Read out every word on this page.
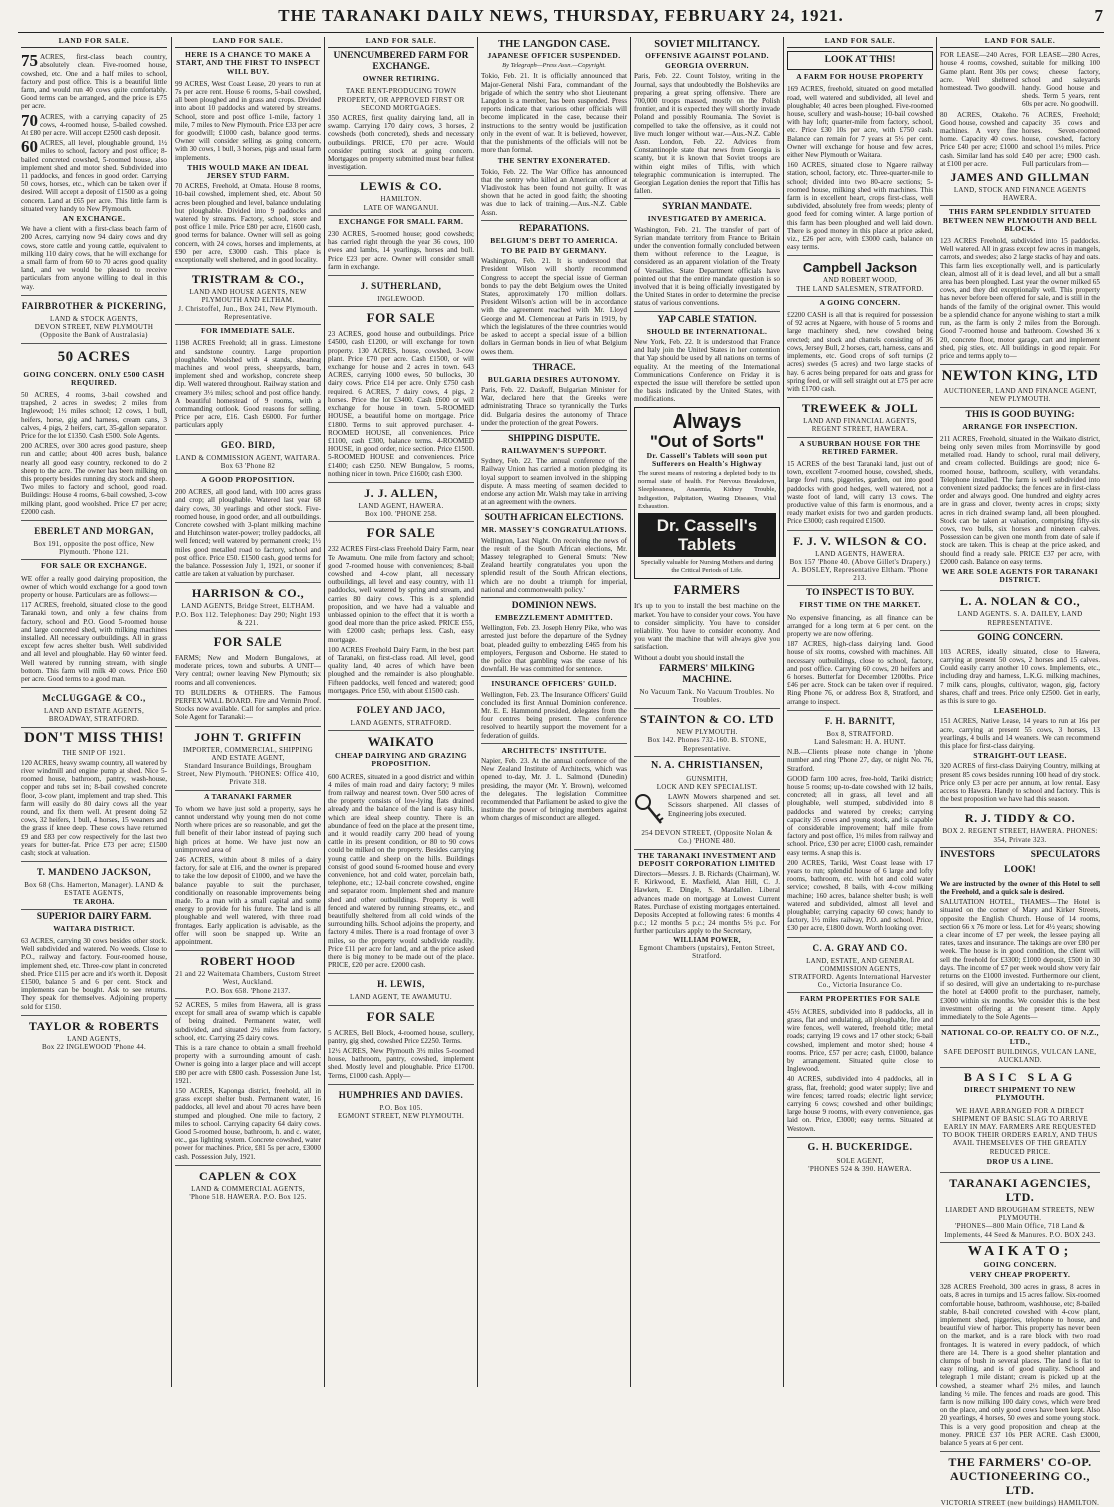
THE TARANAKI DAILY NEWS, THURSDAY, FEBRUARY 24, 1921.	7
LAND FOR SALE.

75 ACRES, first-class beach country, absolutely clean. Five-roomed house, cowshed, etc. One and a half miles to school, factory and post office. This is a beautiful little farm, and would run 40 cows quite comfortably. Good terms can be arranged, and the price is £75 per acre.

70 ACRES, with a carrying capacity of 25 cows, 4-roomed house, 5-bailed cowshed. At £80 per acre. Will accept £2500 cash deposit.

60 ACRES, all level, ploughable ground, 1½ miles to school, factory and post office; 8-bailed concreted cowshed, 5-roomed house, also implement shed and motor shed. Subdivided into 11 paddocks, and fences in good order. Carrying 50 cows, horses, etc., which can be taken over if desired. Will accept a deposit of £1500 as a going concern. Land at £65 per acre. This little farm is situated very handy to New Plymouth.

AN EXCHANGE.

We have a client with a first-class beach farm of 200 Acres, carrying now 94 dairy cows and dry cows, store cattle and young cattle, equivalent to milking 110 dairy cows, that he will exchange for a small farm of from 60 to 70 acres good quality land, and we would be pleased to receive particulars from anyone willing to deal in this way.

FAIRBROTHER & PICKERING,
LAND & STOCK AGENTS,
DEVON STREET, NEW PLYMOUTH
(Opposite the Bank of Australasia)
50 ACRES
GOING CONCERN. ONLY £500 CASH REQUIRED.

50 ACRES, 4 rooms, 3-bail cowshed and trapshed, 2 acres in swedes; 2 miles from Inglewood; 1½ miles school; 12 cows, 1 bull, heifers, horse, gig and harness, cream cans, 3 calves, 4 pigs, 2 heifers, cart, 35-gallon separator. Price for the lot £1350. Cash £500. Sole Agents.

200 ACRES, over 300 acres good pasture, sheep run and cattle; about 400 acres bush, balance nearly all good easy country, reckoned to do 2 sheep to the acre. The owner has been milking on this property besides running dry stock and sheep. Two miles to factory and school, good road. Buildings: House 4 rooms, 6-bail cowshed, 3-cow milking plant, good woolshed. Price £7 per acre; £2000 cash.

EBERLET AND MORGAN,
Box 191, opposite the post office, New Plymouth. 'Phone 121.
FOR SALE OR EXCHANGE.

WE offer a really good dairying proposition, the owner of which would exchange for a good town property or house. Particulars are as follows:—

117 ACRES, freehold, situated close to the good Taranaki town, and only a few chains from factory, school and P.O. Good 5-roomed house and large concreted shed, with milking machines installed. All necessary outbuildings. All in grass except few acres shelter bush. Well subdivided and all level and ploughable. Hay 60 winter feed. Well watered by running stream, with single bottom. This farm will milk 40 cows. Price £60 per acre. Good terms to a good man.

McCLUGGAGE & CO.,
LAND AND ESTATE AGENTS,
BROADWAY, STRATFORD.
DON'T MISS THIS!
THE SNIP OF 1921.

120 ACRES, heavy swamp country, all watered by river windmill and engine pump at shed. Nice 5-roomed house, bathroom, pantry, wash-house, copper and tubs set in; 8-bail cowshed concrete floor, 3-cow plant, implement and trap shed. This farm will easily do 80 dairy cows all the year round, and fix them well. At present doing 52 cows, 32 heifers, 1 bull, 4 horses, 15 weaners and the grass if knee deep. These cows have returned £9 and £83 per cow respectively for the last two years for butter-fat. Price £73 per acre; £1500 cash; stock at valuation.

T. MANDENO JACKSON,
Box 68 (Chs. Hamerton, Manager). LAND & ESTATE AGENTS,
TE AROHA.
SUPERIOR DAIRY FARM.
WAITARA DISTRICT.

63 ACRES, carrying 30 cows besides other stock. Well subdivided and watered. No weeds. Close to P.O., railway and factory. Four-roomed house, implement shed, etc. Three-cow plant in concreted shed. Price £115 per acre and it's worth it. Deposit £1500, balance 5 and 6 per cent. Stock and implements can be bought. Ask to see returns. They speak for themselves. Adjoining property sold for £150.

TAYLOR & ROBERTS
LAND AGENTS,
Box 22 INGLEWOOD 'Phone 44.
LAND FOR SALE.
HERE IS A CHANCE TO MAKE A START, AND THE FIRST TO INSPECT WILL BUY.

99 ACRES, West Coast Lease, 20 years to run at 7s per acre rent. House 6 rooms, 5-bail cowshed, all been ploughed and in grass and crops. Divided into about 10 paddocks and watered by streams. School, store and post office 1-mile, factory 1 mile, 7 miles to New Plymouth. Price £33 per acre for goodwill; £1000 cash, balance good terms. Owner will consider selling as going concern, with 30 cows, 1 bull, 3 horses, pigs and usual farm implements.

THIS WOULD MAKE AN IDEAL JERSEY STUD FARM.

70 ACRES, Freehold, at Omata. House 8 rooms, 10-bail cowshed, implement shed, etc. About 50 acres been ploughed and level, balance undulating but ploughable. Divided into 9 paddocks and watered by streams. Factory, school, store and post office 1 mile. Price £80 per acre, £1600 cash, good terms for balance. Owner will sell as going concern, with 24 cows, horses and implements, at £90 per acre, £3000 cash. This place is exceptionally well sheltered, and in good locality.

TRISTRAM & CO.,
LAND AND HOUSE AGENTS, NEW PLYMOUTH AND ELTHAM.
J. Christoffel, Jun., Box 241, New Plymouth. Representative.
FOR IMMEDIATE SALE.

1198 ACRES Freehold; all in grass. Limestone and sandstone country. Large proportion ploughable. Woolshed with 4 stands, shearing machines and wool press, sheepyards, barn, implement shed and workshop, concrete sheep dip. Well watered throughout. Railway station and creamery 3½ miles; school and post office handy. A beautiful homestead of 9 rooms, with a commanding outlook. Good reasons for selling. Price per acre, £16. Cash £6000. For further particulars apply

GEO. BIRD,
LAND & COMMISSION AGENT, WAITARA.
Box 63 'Phone 82
A GOOD PROPOSITION.

200 ACRES, all good land, with 100 acres grass and crop; all ploughable. Watered last year 68 dairy cows, 30 yearlings and other stock. Five-roomed house, in good order, and all outbuildings. Concrete cowshed with 3-plant milking machine and Hutchinson water-power; trolley paddocks, all well fenced; well watered by permanent creek; 1½ miles good metalled road to factory, school and post office. Price £50. £1500 cash, good terms for the balance. Possession July 1, 1921, or sooner if cattle are taken at valuation by purchaser.

HARRISON & CO.,
LAND AGENTS, Bridge Street, ELTHAM.
P.O. Box 112. Telephones: Day 290; Night 193 & 221.
FOR SALE

FARMS; New and Modern Bungalows, at moderate prices, town and suburbs. A UNIT—Very central; owner leaving New Plymouth; six rooms and all conveniences.

TO BUILDERS & OTHERS. The Famous PERFEX WALL BOARD. Fire and Vermin Proof. Stocks now available. Call for samples and price. Sole Agent for Taranaki:—

JOHN T. GRIFFIN
IMPORTER, COMMERCIAL, SHIPPING AND ESTATE AGENT,
Standard Insurance Buildings, Brougham Street, New Plymouth. 'PHONES: Office 410, Private 318.
A TARANAKI FARMER

To whom we have just sold a property, says he cannot understand why young men do not come North where prices are so reasonable, and get the full benefit of their labor instead of paying such high prices at home. We have just now an unimproved area of

246 ACRES, within about 8 miles of a dairy factory, for sale at £16, and the owner is prepared to take the low deposit of £1000, and we have the balance payable to suit the purchaser, conditionally on reasonable improvements being made. To a man with a small capital and some energy to provide for his future. The land is all ploughable and well watered, with three road frontages. Early application is advisable, as the offer will soon be snapped up. Write an appointment.

ROBERT HOOD
21 and 22 Waitemata Chambers, Custom Street West, Auckland.
P.O. Box 658. 'Phone 2137.

52 ACRES, 5 miles from Hawera, all is grass except for small area of swamp which is capable of being drained. Permanent water, well subdivided, and situated 2½ miles from factory, school, etc. Carrying 25 dairy cows.

This is a rare chance to obtain a small freehold property with a surrounding amount of cash. Owner is going into a larger place and will accept £80 per acre with £800 cash. Possession June 1st, 1921.

150 ACRES, Kaponga district, freehold, all in grass except shelter bush. Permanent water, 16 paddocks, all level and about 70 acres have been stumped and ploughed. One mile to factory, 2 miles to school. Carrying capacity 64 dairy cows. Good 5-roomed house, bathroom, h. and c. water, etc., gas lighting system. Concrete cowshed, water power for machines. Price, £81 5s per acre, £3000 cash. Possession July, 1921.

CAPLEN & COX
LAND & COMMERCIAL AGENTS,
'Phone 518. HAWERA. P.O. Box 125.
LAND FOR SALE.
UNENCUMBERED FARM FOR EXCHANGE.
OWNER RETIRING.

TAKE RENT-PRODUCING TOWN PROPERTY, OR APPROVED FIRST OR SECOND MORTGAGES.

350 ACRES, first quality dairying land, all in swamp. Carrying 170 dairy cows, 3 horses, 2 cowsheds (both concreted), sheds and necessary outbuildings. PRICE, £70 per acre. Would consider putting stock at going concern. Mortgages on property submitted must bear fullest investigation.

LEWIS & CO.
HAMILTON.
LATE OF WANGANUI.
EXCHANGE FOR SMALL FARM.

230 ACRES, 5-roomed house; good cowsheds; has carried right through the year 36 cows, 100 ewes and lambs, 14 yearlings, horses and bull. Price £23 per acre. Owner will consider small farm in exchange.

J. SUTHERLAND,
INGLEWOOD.
FOR SALE

23 ACRES, good house and outbuildings. Price £4500, cash £1200, or will exchange for town property. 130 ACRES, house, cowshed, 3-cow plant. Price £70 per acre. Cash £1500, or will exchange for house and 2 acres in town. 643 ACRES, carrying 1000 ewes, 50 bullocks, 30 dairy cows. Price £14 per acre. Only £750 cash required. 6 ACRES, 7 dairy cows, 4 pigs, 2 horses. Price the lot £3400. Cash £600 or will exchange for house in town. 5-ROOMED HOUSE, a beautiful home on mortgage. Price £1800. Terms to suit approved purchaser. 4-ROOMED HOUSE, all conveniences. Price £1100, cash £300, balance terms. 4-ROOMED HOUSE, in good order, nice section. Price £1500. 5-ROOMED HOUSE and conveniences. Price £1400; cash £250. NEW Bungalow, 5 rooms, nothing nicer in town. Price £1600; cash £300.

J. J. ALLEN,
LAND AGENT, HAWERA.
Box 100. 'PHONE 258.
FOR SALE

232 ACRES First-class Freehold Dairy Farm, near Te Awamutu. One mile from factory and school; good 7-roomed house with conveniences; 8-bail cowshed and 4-cow plant, all necessary outbuildings, all level and easy country, with 11 paddocks, well watered by spring and stream, and carries 80 dairy cows. This is a splendid proposition, and we have had a valuable and unbiassed opinion to the effect that it is worth a good deal more than the price asked. PRICE £55, with £2000 cash; perhaps less. Cash, easy mortgage.

100 ACRES Freehold Dairy Farm, in the best part of Taranaki, on first-class road. All level, good quality land, 40 acres of which have been ploughed and the remainder is also ploughable. Fifteen paddocks, well fenced and watered; good mortgages. Price £50, with about £1500 cash.

FOLEY AND JACO,
LAND AGENTS, STRATFORD.
WAIKATO
CHEAP DAIRYING AND GRAZING PROPOSITION.

600 ACRES, situated in a good district and within 4 miles of main road and dairy factory; 9 miles from railway and nearest town. Over 500 acres of the property consists of low-lying flats drained already and the balance of the land is easy hills, which are ideal sheep country. There is an abundance of feed on the place at the present time, and it would readily carry 200 head of young cattle in its present condition, or 80 to 90 cows could be milked on the property. Besides carrying young cattle and sheep on the hills. Buildings consist of good sound 6-roomed house and every convenience, hot and cold water, porcelain bath, telephone, etc.; 12-bail concrete cowshed, engine and separator room. Implement shed and manure shed and other outbuildings. Property is well fenced and watered by running streams, etc., and beautifully sheltered from all cold winds of the surrounding hills. School adjoins the property, and factory 4 miles. There is a road frontage of over 3 miles, so the property would subdivide readily. Price £11 per acre for land, and at the price asked there is big money to be made out of the place. PRICE, £20 per acre. £2000 cash.

H. LEWIS,
LAND AGENT, TE AWAMUTU.
FOR SALE

5 ACRES, Bell Block, 4-roomed house, scullery, pantry, gig shed, cowshed Price £2250. Terms.

12½ ACRES, New Plymouth 3½ miles 5-roomed house, bathroom, pantry, cowshed, implement shed. Mostly level and ploughable. Price £1700. Terms, £1000 cash. Apply—

HUMPHRIES AND DAVIES.
P.O. Box 105.
EGMONT STREET, NEW PLYMOUTH.
THE LANGDON CASE.
JAPANESE OFFICER SUSPENDED.
By Telegraph—Press Assn.—Copyright.

Tokio, Feb. 21. It is officially announced that Major-General Nishi Fara, commandant of the brigade of which the sentry who shot Lieutenant Langdon is a member, has been suspended. Press reports indicate that various other officials will become implicated in the case, because their instructions to the sentry would be justification only in the event of war. It is believed, however, that the punishments of the officials will not be more than formal.

THE SENTRY EXONERATED.

Tokio, Feb. 22. The War Office has announced that the sentry who killed an American officer at Vladivostok has been found not guilty. It was shown that he acted in good faith; the shooting was due to lack of training.—Aus.-N.Z. Cable Assn.

REPARATIONS.
BELGIUM'S DEBT TO AMERICA.
TO BE PAID BY GERMANY.

Washington, Feb. 21. It is understood that President Wilson will shortly recommend Congress to accept the special issue of German bonds to pay the debt Belgium owes the United States, approximately 170 million dollars. President Wilson's action will be in accordance with the agreement reached with Mr. Lloyd George and M. Clemenceau at Paris in 1919, by which the legislatures of the three countries would be asked to accept a special issue of a billion dollars in German bonds in lieu of what Belgium owes them.

THRACE.
BULGARIA DESIRES AUTONOMY.

Paris, Feb. 22. Daskoff, Bulgarian Minister for War, declared here that the Greeks were administrating Thrace so tyrannically the Turks did. Bulgaria desires the autonomy of Thrace under the protection of the great Powers.

SHIPPING DISPUTE.
RAILWAYMEN'S SUPPORT.

Sydney, Feb. 22. The annual conference of the Railway Union has carried a motion pledging its loyal support to seamen involved in the shipping dispute. A mass meeting of seamen decided to endorse any action Mr. Walsh may take in arriving at an agreement with the owners.

SOUTH AFRICAN ELECTIONS.
MR. MASSEY'S CONGRATULATIONS.

Wellington, Last Night. On receiving the news of the result of the South African elections, Mr. Massey telegraphed to General Smuts: 'New Zealand heartily congratulates you upon the splendid result of the South African elections, which are no doubt a triumph for imperial, national and commonwealth policy.'

DOMINION NEWS.
EMBEZZLEMENT ADMITTED.

Wellington, Feb. 23. Joseph Henry Pike, who was arrested just before the departure of the Sydney boat, pleaded guilty to embezzling £465 from his employers, Ferguson and Osborne. He stated to the police that gambling was the cause of his downfall. He was committed for sentence.

INSURANCE OFFICERS' GUILD.

Wellington, Feb. 23. The Insurance Officers' Guild concluded its first Annual Dominion conference. Mr. E. E. Hammond presided, delegates from the four centres being present. The conference resolved to heartily support the movement for a federation of guilds.

ARCHITECTS' INSTITUTE.

Napier, Feb. 23. At the annual conference of the New Zealand Institute of Architects, which was opened to-day, Mr. J. L. Salmond (Dunedin) presiding, the mayor (Mr. Y. Brown), welcomed the delegates. The legislation Committee recommended that Parliament be asked to give the institute the power of bringing members against whom charges of misconduct are alleged.

SOVIET MILITANCY.
OFFENSIVE AGAINST POLAND.
GEORGIA OVERRUN.

Paris, Feb. 22. Count Tolstoy, writing in the Journal, says that undoubtedly the Bolsheviks are preparing a great spring offensive. There are 700,000 troops massed, mostly on the Polish frontier, and it is expected they will shortly invade Poland and possibly Roumania. The Soviet is compelled to take the offensive, as it could not live much longer without war.—Aus.-N.Z. Cable Assn. London, Feb. 22. Advices from Constantinople state that news from Georgia is scanty, but it is known that Soviet troops are within eight miles of Tiflis, with which telegraphic communication is interrupted. The Georgian Legation denies the report that Tiflis has fallen.

SYRIAN MANDATE.
INVESTIGATED BY AMERICA.

Washington, Feb. 21. The transfer of part of Syrian mandate territory from France to Britain under the convention formally concluded between them without reference to the League, is considered as an apparent violation of the Treaty of Versailles. State Department officials have pointed out that the entire mandate question is so involved that it is being officially investigated by the United States in order to determine the precise status of various conventions.

YAP CABLE STATION.
SHOULD BE INTERNATIONAL.

New York, Feb. 22. It is understood that France and Italy join the United States in her contention that Yap should be used by all nations on terms of equality. At the meeting of the International Communications Conference on Friday it is expected the issue will therefore be settled upon the basis indicated by the United States, with modifications.

Always
"Out of Sorts"
Dr. Cassell's Tablets will soon put Sufferers on Health's Highway

The surest means of restoring a depleted body to its normal state of health. For Nervous Breakdown, Sleeplessness, Anaemia, Kidney Trouble, Indigestion, Palpitation, Wasting Diseases, Vital Exhaustion.

Dr. Cassell's
Tablets

Specially valuable for Nursing Mothers and during the Critical Periods of Life.

FARMERS

It's up to you to install the best machine on the market. You have to consider your cows. You have to consider simplicity. You have to consider reliability. You have to consider economy. And you want the machine that will always give you satisfaction.

Without a doubt you should install the

FARMERS' MILKING MACHINE.

No Vacuum Tank. No Vacuum Troubles. No Troubles.

STAINTON & CO. LTD
NEW PLYMOUTH.
Box 142. Phones 732-160. B. STONE, Representative.
N. A. CHRISTIANSEN,
GUNSMITH,
LOCK AND KEY SPECIALIST.

LAWN Mowers sharpened and set. Scissors sharpened. All classes of Engineering jobs executed.

254 DEVON STREET, (Opposite Nolan & Co.) 'PHONE 480.
THE TARANAKI INVESTMENT AND DEPOSIT CORPORATION LIMITED

Directors—Messrs. J. B. Richards (Chairman), W. F. Kirkwood, E. Maxfield, Alan Hill, C. J. Hawken, E. Dingle, S. Mardallen. Liberal advances made on mortgage at Lowest Current Rates. Purchase of existing mortgages entertained. Deposits Accepted at following rates: 6 months 4 p.c.; 12 months 5 p.c.; 24 months 5½ p.c. For further particulars apply to the Secretary,

WILLIAM POWER,
Egmont Chambers (upstairs), Fenton Street, Stratford.
LAND FOR SALE.
LOOK AT THIS!
A FARM FOR HOUSE PROPERTY

169 ACRES, freehold, situated on good metalled road, well watered and subdivided, all level and ploughable; 40 acres been ploughed. Five-roomed house, scullery and wash-house; 10-bail cowshed with hay loft; quarter-mile from factory, school, etc. Price £30 10s per acre, with £750 cash. Balance can remain for 7 years at 5½ per cent. Owner will exchange for house and few acres, either New Plymouth or Waitara.

160 ACRES, situated close to Ngaere railway station, school, factory, etc. Three-quarter-mile to school; divided into two 80-acre sections; 5-roomed house, milking shed with machines. This farm is in excellent heart, crops first-class, well subdivided, absolutely free from weeds; plenty of good feed for coming winter. A large portion of this farm has been ploughed and well laid down. There is good money in this place at price asked, viz., £26 per acre, with £3000 cash, balance on easy terms.

Campbell Jackson
AND ROBERT WOOD,
THE LAND SALESMEN, STRATFORD.
A GOING CONCERN.

£2200 CASH is all that is required for possession of 92 acres at Ngaere, with house of 5 rooms and large machinery shed, new cowshed being erected; and stock and chattels consisting of 36 cows, Jersey Bull, 2 horses, cart, harness, cans and implements, etc. Good crops of soft turnips (2 acres) swedes (5 acres) and two large stacks of hay. 6 acres being prepared for oats and grass for spring feed, or will sell straight out at £75 per acre with £1700 cash.

TREWEEK & JOLL
LAND AND FINANCIAL AGENTS,
REGENT STREET, HAWERA.
A SUBURBAN HOUSE FOR THE RETIRED FARMER.

15 ACRES of the best Taranaki land, just out of town, excellent 7-roomed house, cowshed, sheds, large fowl runs, piggeries, garden, out into good paddocks with good hedges, well watered, not a waste foot of land, will carry 13 cows. The productive value of this farm is enormous, and a ready market exists for two and garden products. Price £3000; cash required £1500.

F. J. V. WILSON & CO.
LAND AGENTS, HAWERA.
Box 157 'Phone 40. (Above Gillet's Drapery.) A. BOSLEY, Representative Eltham. 'Phone 213.
TO INSPECT IS TO BUY.
FIRST TIME ON THE MARKET.

No expensive financing, as all finance can be arranged for a long term at 6 per cent. on the property we are now offering.

187 ACRES, high-class dairying land. Good house of six rooms, cowshed with machines. All necessary outbuildings, close to school, factory, and post office. Carrying 60 cows, 20 heifers and 6 horses. Butterfat for December 1200lbs. Price £46 per acre. Stock can be taken over if required. Ring Phone 76, or address Box 8, Stratford, and arrange to inspect.

F. H. BARNITT,
Box 8, STRATFORD.
Land Salesman: H. A. HUNT.

N.B.—Clients please note change in 'phone number and ring 'Phone 27, day, or night No. 76, Stratford.

GOOD farm 100 acres, free-hold, Tariki district; house 5 rooms; up-to-date cowshed with 12 bails, concreted; all in grass, all level and all ploughable, well stumped, subdivided into 8 paddocks and watered by creeks; carrying capacity 35 cows and young stock, and is capable of considerable improvement; half mile from factory and post office, 1½ miles from railway and school. Price, £30 per acre; £1000 cash, remainder easy terms. A snap this is.

200 ACRES, Tariki, West Coast lease with 17 years to run; splendid house of 6 large and lofty rooms, bathroom, etc. with hot and cold water service; cowshed, 8 bails, with 4-cow milking machine; 160 acres, balance shelter bush; is well watered and subdivided, almost all level and ploughable; carrying capacity 60 cows; handy to factory, 1½ miles railway, P.O. and school. Price, £30 per acre, £1800 down. Worth looking over.

C. A. GRAY AND CO.
LAND, ESTATE, AND GENERAL COMMISSION AGENTS,
STRATFORD. Agents International Harvester Co., Victoria Insurance Co.
FARM PROPERTIES FOR SALE

45½ ACRES, subdivided into 8 paddocks, all in grass, flat and undulating, all ploughable, fire and wire fences, well watered, freehold title; metal roads; carrying 19 cows and 17 other stock; 6-bail cowshed, implement and motor shed; house 4 rooms. Price, £57 per acre; cash, £1000, balance by arrangement. Situated quite close to Inglewood.

40 ACRES, subdivided into 4 paddocks, all in grass, flat, freehold; good water supply; live and wire fences; tarred roads; electric light service; carrying 6 cows; cowshed and other buildings; large house 9 rooms, with every convenience, gas laid on. Price, £3000; easy terms. Situated at Westown.

G. H. BUCKERIDGE.
SOLE AGENT,
'PHONES 524 & 390. HAWERA.
LAND FOR SALE.

FOR LEASE—240 Acres, house 4 rooms, cowshed, Game plant. Rent 30s per acre. Well sheltered homestead. Two goodwill.

FOR LEASE—280 Acres, suitable for milking 100 cows; cheese factory, school and saleyards handy. Good house and sheds. Term 5 years, rent 60s per acre. No goodwill.

80 ACRES, Otakeho. Good house, cowshed and machines. A very fine home. Capacity 40 cows. Price £40 per acre; £1000 cash. Similar land has sold at £100 per acre.

76 ACRES, Freehold; capacity 35 cows and horses. Seven-roomed house, cowshed, factory and school 1½ miles. Price £40 per acre; £900 cash. Full particulars from—

JAMES AND GILLMAN
LAND, STOCK AND FINANCE AGENTS HAWERA.
THIS FARM SPLENDIDLY SITUATED BETWEEN NEW PLYMOUTH AND BELL BLOCK.

123 ACRES Freehold, subdivided into 15 paddocks. Well watered. All in grass except few acres in mangels, carrots, and swedes; also 2 large stacks of hay and oats. This farm lies exceptionally well, and is particularly clean, almost all of it is dead level, and all but a small area has been ploughed. Last year the owner milked 65 cows, and they did exceptionally well. This property has never before been offered for sale, and is still in the hands of the family of the original owner. This would be a splendid chance for anyone wishing to start a milk run, as the farm is only 2 miles from the Borough. Good 7-roomed house and bathroom. Cowshed 36 x 20, concrete floor, motor garage, cart and implement shed, pig sties, etc. All buildings in good repair. For price and terms apply to—

NEWTON KING, LTD
AUCTIONEER, LAND AND FINANCE AGENT, NEW PLYMOUTH.
THIS IS GOOD BUYING:
ARRANGE FOR INSPECTION.

211 ACRES, Freehold, situated in the Waikato district, being only seven miles from Morrinsville by good metalled road. Handy to school, rural mail delivery, and cream collected. Buildings are good; nice 6-roomed house, bathroom, scullery, with verandahs. Telephone installed. The farm is well subdivided into convenient sized paddocks; the fences are in first-class order and always good. One hundred and eighty acres are in grass and clover, twenty acres in crops; sixty acres in rich drained swamp land, all been ploughed. Stock can be taken at valuation, comprising fifty-six cows, two bulls, six horses and nineteen calves. Possession can be given one month from date of sale if stock are taken. This is cheap at the price asked, and should find a ready sale. PRICE £37 per acre, with £2000 cash. Balance on easy terms.

WE ARE SOLE AGENTS FOR TARANAKI DISTRICT.
L. A. NOLAN & CO.,
LAND AGENTS. S. A. DAILEY, LAND REPRESENTATIVE.
GOING CONCERN.

103 ACRES, ideally situated, close to Hawera, carrying at present 50 cows, 2 horses and 15 calves. Could easily carry another 10 cows. Implements, etc., including dray and harness, L.K.G. milking machines, 7 milk cans, ploughs, cultivator, wagon, gig, factory shares, chaff and trees. Price only £2500. Get in early, as this is sure to go.

LEASEHOLD.

151 ACRES, Native Lease, 14 years to run at 16s per acre, carrying at present 55 cows, 3 horses, 13 yearlings, 4 bulls and 14 weaners. We can recommend this place for first-class dairying.

STRAIGHT-OUT LEASE.

320 ACRES of first-class Dairying Country, milking at present 85 cows besides running 100 head of dry stock. Price only £3 per acre per annum, at low rental. Easy access to Hawera. Handy to school and factory. This is the best proposition we have had this season.

R. J. TIDDY & CO.
BOX 2. REGENT STREET, HAWERA. PHONES: 354, Private 323.
INVESTORS	SPECULATORS
LOOK!

We are instructed by the owner of this Hotel to sell the Freehold, and a quick sale is desired.

SALUTATION HOTEL, THAMES—The Hotel is situated on the corner of Mary and Kirker Streets, opposite the English Church. House of 14 rooms, section 66 x 76 more or less. Let for 4½ years; showing a clear income of £7 per week, the lessee paying all rates, taxes and insurance. The takings are over £80 per week. The house is in good condition, the client will sell the freehold for £3300; £1000 deposit, £500 in 30 days. The income of £7 per week would show very fair returns on the £1000 invested. Furthermore our client, if so desired, will give an undertaking to re-purchase the hotel at £4000 profit to the purchaser, namely, £3000 within six months. We consider this is the best investment offering at the present time. Apply immediately to the Sole Agents—

NATIONAL CO-OP. REALTY CO. OF N.Z., LTD.,
SAFE DEPOSIT BUILDINGS, VULCAN LANE, AUCKLAND.
BASIC SLAG
DIRECT SHIPMENT TO NEW PLYMOUTH.

WE HAVE ARRANGED FOR A DIRECT SHIPMENT OF BASIC SLAG TO ARRIVE EARLY IN MAY. FARMERS ARE REQUESTED TO BOOK THEIR ORDERS EARLY, AND THUS AVAIL THEMSELVES OF THE GREATLY REDUCED PRICE.

DROP US A LINE.
TARANAKI AGENCIES, LTD.
LIARDET AND BROUGHAM STREETS, NEW PLYMOUTH.
'PHONES—800 Main Office, 718 Land & Implements, 44 Seed & Manures. P.O. BOX 243.
WAIKATO;
GOING CONCERN.
VERY CHEAP PROPERTY.

328 ACRES Freehold, 300 acres in grass, 8 acres in oats, 8 acres in turnips and 15 acres fallow. Six-roomed comfortable house, bathroom, washhouse, etc; 8-bailed stable, 8-bail concreted cowshed with 4-cow plant, implement shed, piggeries, telephone to house, and beautiful view of harbor. This property has never been on the market, and is a rare block with two road frontages. It is watered in every paddock, of which there are 14. There is a good shelter plantation and clumps of bush in several places. The land is flat to easy rolling, and is of good quality. School and telegraph 1 mile distant; cream is picked up at the cowshed, a steamer wharf 2½ miles, and launch landing ½ mile. The fences and roads are good. This farm is now milking 100 dairy cows, which were bred on the place, and only good cows have been kept. Also 20 yearlings, 4 horses, 50 ewes and some young stock. This is a very good proposition and cheap at the money. PRICE £37 10s PER ACRE. Cash £3000, balance 5 years at 6 per cent.

THE FARMERS' CO-OP. AUCTIONEERING CO., LTD.
VICTORIA STREET (new buildings) HAMILTON.
